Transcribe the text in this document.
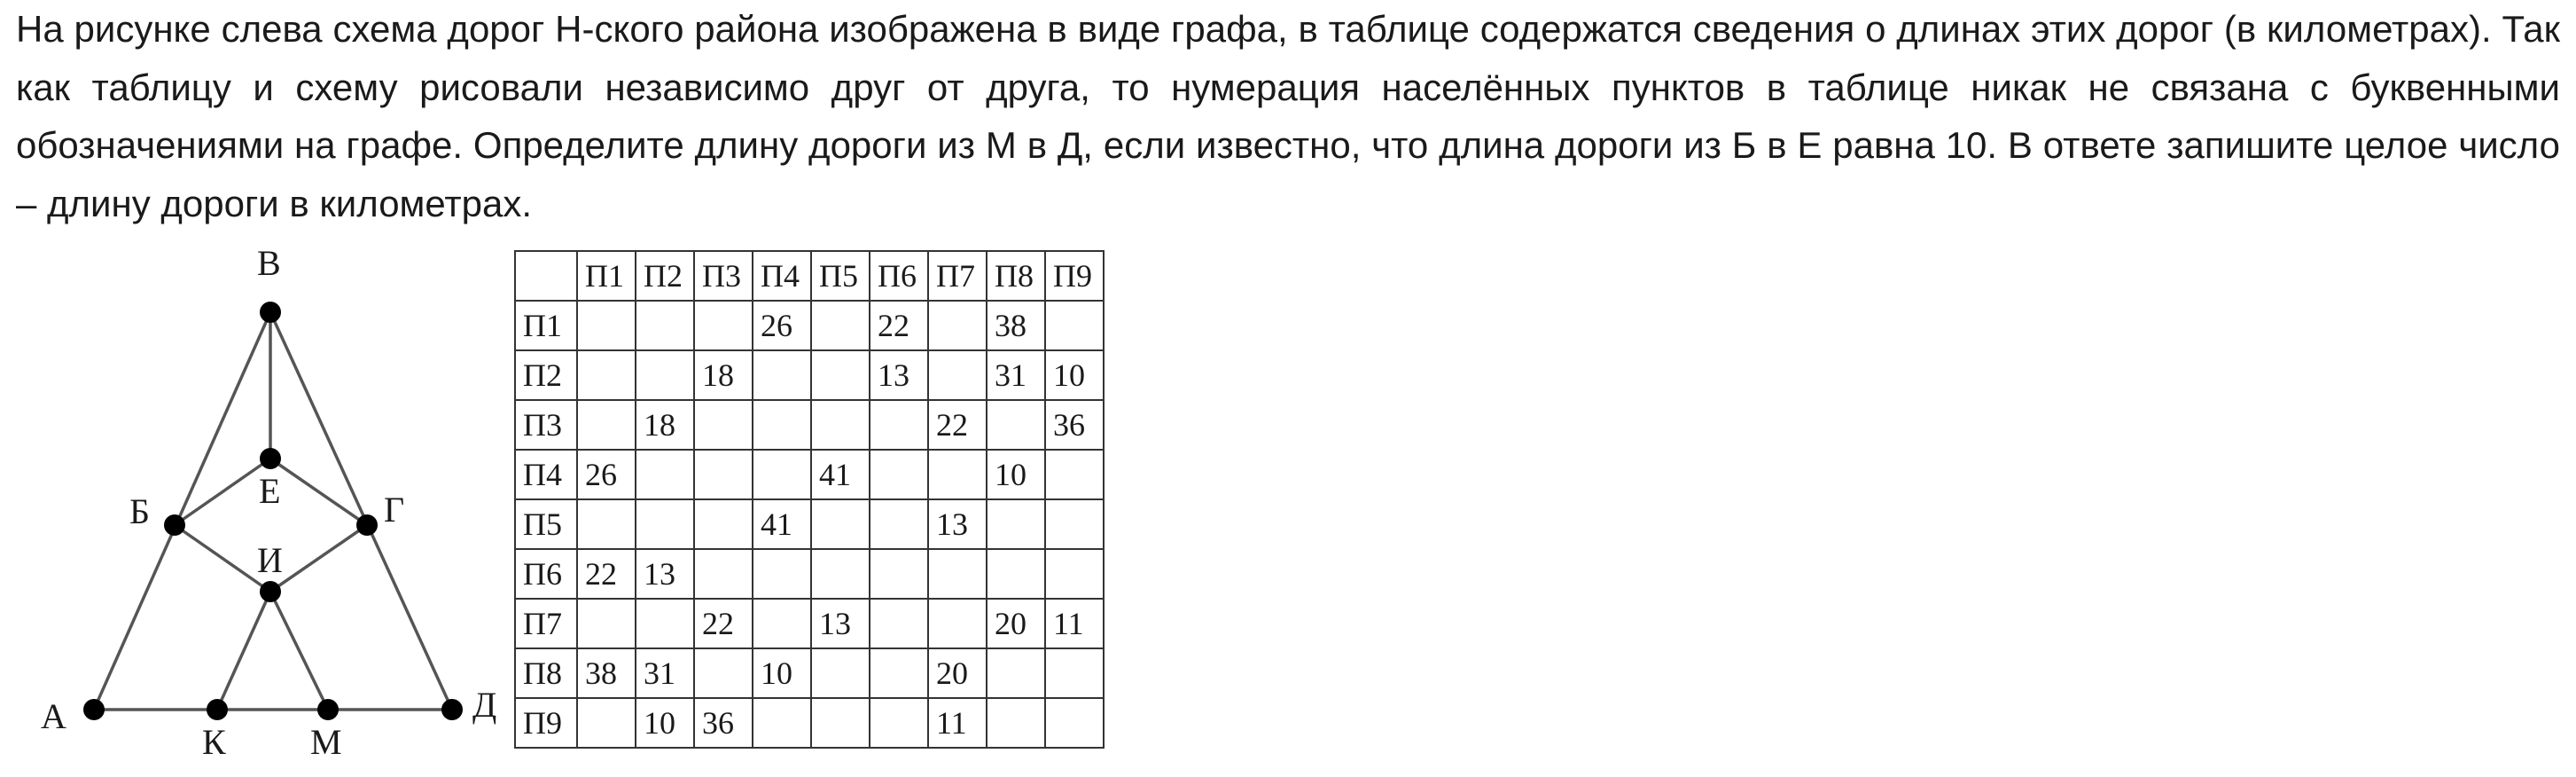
На рисунке слева схема дорог Н-ского района изображена в виде графа, в таблице содержатся сведения о длинах этих дорог (в километрах). Так как таблицу и схему рисовали независимо друг от друга, то нумерация населённых пунктов в таблице никак не связана с буквенными обозначениями на графе. Определите длину дороги из М в Д, если известно, что длина дороги из Б в Е равна 10. В ответе запишите целое число – длину дороги в километрах.

В
Е
Б	Г
И
А
К М
Д
	П1	П2	П3	П4	П5	П6	П7	П8	П9
П1				26		22		38	
П2			18			13		31	10
П3		18					22		36
П4	26				41			10	
П5				41			13		
П6	22	13							
П7			22		13			20	11
П8	38	31		10			20		
П9		10	36				11		
